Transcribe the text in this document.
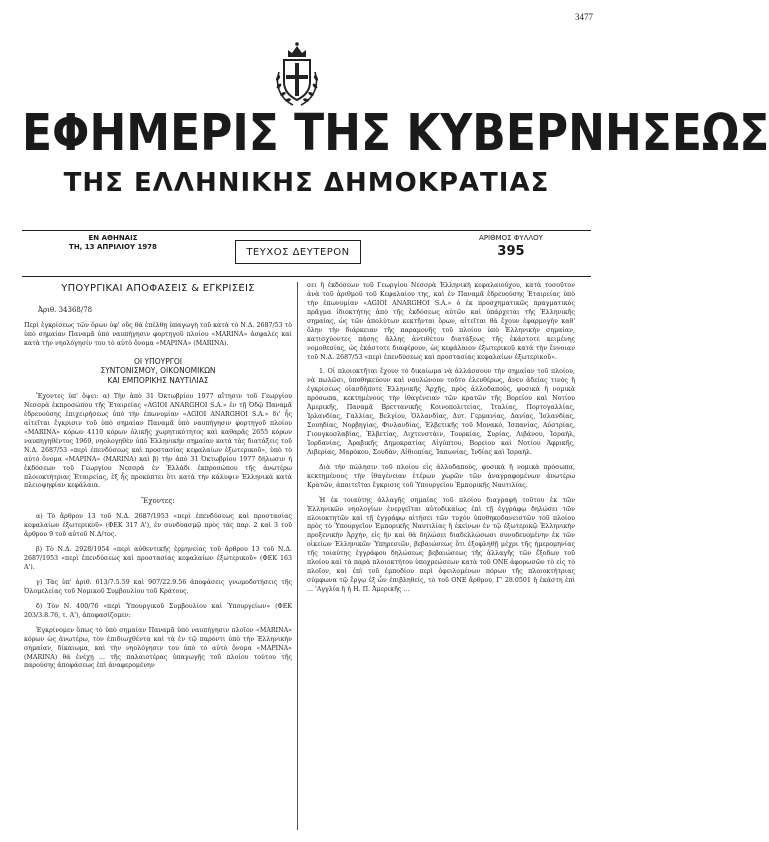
3477
ΕΦΗΜΕΡΙΣ ΤΗΣ ΚΥΒΕΡΝΗΣΕΩΣ
ΤΗΣ ΕΛΛΗΝΙΚΗΣ ΔΗΜΟΚΡΑΤΙΑΣ
ΕΝ ΑΘΗΝΑΙΣ
ΤΗ, 13 ΑΠΡΙΛΙΟΥ 1978	ΤΕΥΧΟΣ ΔΕΥΤΕΡΟΝ
ΑΡΙΘΜΟΣ ΦΥΛΛΟΥ
395
ΥΠΟΥΡΓΙΚΑΙ ΑΠΟΦΑΣΕΙΣ & ΕΓΚΡΙΣΕΙΣ
Ἀριθ. 34368/78
Περὶ ἐγκρίσεως τῶν ὅρων ὑφ' οὓς θὰ ἐπέλθῃ ὑπαγωγὴ τοῦ κατὰ τὸ Ν.Δ. 2687/53 τὸ ὑπὸ σημαίαν Παναμᾶ ὑπὸ ναυπήγησιν φορτηγοῦ πλοίου «MARINA» ἀσφαλὲς καὶ κατὰ τὴν νηολόγησίν του τὸ αὐτὸ ὄνομα «ΜΑΡΙΝΑ» (MARINA).
ΟΙ ΥΠΟΥΡΓΟΙ
ΣΥΝΤΟΝΙΣΜΟΥ, ΟΙΚΟΝΟΜΙΚΩΝ
ΚΑΙ ΕΜΠΟΡΙΚΗΣ ΝΑΥΤΙΛΙΑΣ
Ἔχοντες ὑπ' ὄψει: α) Τὴν ἀπὸ 31 Ὀκτωβρίου 1977 αἴτησιν τοῦ Γεωργίου Νεσσρὰ ἐκπροσώπου τῆς Ἑταιρείας «AGIOI ANARGHOI S.A.» ἐν τῇ Ὀδῷ Παναμᾶ ἐδρευούσης ἐπιχειρήσεως ὑπὸ τὴν ἐπωνυμίαν «AGIOI ANARGHOI S.A.» δι' ἧς αἰτεῖται ἔγκρισιν τοῦ ὑπὸ σημαίαν Παναμᾶ ὑπὸ ναυπήγησιν φορτηγοῦ πλοίου «MARINA» κόρων 4110 κόρων ὀλικῆς χωρητικότητος καὶ καθαρᾶς 2655 κόρων ναυπηγηθέντος 1969, νηολογηθὲν ὑπὸ Ἑλληνικὴν σημαίαν κατὰ τὰς διατάξεις τοῦ Ν.Δ. 2687/53 «περὶ ἐπενδύσεως καὶ προστασίας κεφαλαίων ἐξωτερικοῦ», ὑπὸ τὸ αὐτὸ ὄνομα «ΜΑΡΙΝΑ» (MARINA) καὶ β) τὴν ἀπὸ 31 Ὀκτωβρίου 1977 δήλωσιν ἡ ἐκδόσεων τοῦ Γεωργίου Νεσσρὰ ἐν Ἑλλάδι ἐκπροσώπου τῆς ἀνωτέρω πλοιοκτήτριας Ἑταιρείας, ἐξ ἧς προκύπτει ὅτι κατὰ τὴν κάλυψιν Ἑλληνικὰ κατὰ πλειοψηφίαν κεφάλαια.
Ἔχοντες:
α) Τὸ ἄρθρον 13 τοῦ Ν.Δ. 2687/1953 «περὶ ἐπενδύσεως καὶ προστασίας κεφαλαίων ἐξωτερικοῦ» (ΦΕΚ 317 Α'), ἐν συνδυασμῷ πρὸς τὰς παρ. 2 καὶ 3 τοῦ ἄρθρου 9 τοῦ αὐτοῦ Ν.Δ/τος.
β) Τὸ Ν.Δ. 2928/1954 «περὶ αὐθεντικῆς ἑρμηνείας τοῦ ἄρθρου 13 τοῦ Ν.Δ. 2687/1953 «περὶ ἐπενδύσεως καὶ προστασίας κεφαλαίων ἐξωτερικοῦ» (ΦΕΚ 163 Α').
γ) Τὰς ὑπ' ἀριθ. 613/7.5.59 καὶ 907/22.9.56 ἀποφάσεις γνωμοδοτήσεις τῆς Ὁλομελείας τοῦ Νομικοῦ Συμβουλίου τοῦ Κράτους.
δ) Τὸν Ν. 400/76 «περὶ Ὑπουργικοῦ Συμβουλίου καὶ Ὑπουργείων» (ΦΕΚ 203/3.8.76, τ. Α'), ἀποφασίζομεν:
Ἐγκρίνομεν ὅπως τὸ ὑπὸ σημαίαν Παναμᾶ ὑπὸ ναυπήγησιν πλοῖον «MARINA» κόρων ὡς ἀνωτέρω, τὸν ἐπιδιωχθέντα καὶ τὰ ἐν τῷ παρόντι ὑπὸ τὴν Ἑλληνικὴν σημαίαν, δίκαιωμα, καὶ τὴν νηολόγησιν του ὑπὸ τὸ αὐτὸ ὄνομα «ΜΑΡΙΝΑ» (MARINA) θὰ ἐνέχῃ ... τῆς παλαιοτέρας ὑπαγωγῆς τοῦ πλοίου τούτου τῆς παρούσης ἀποφάσεως ἐπὶ ἀναφερομένην
σει ἢ ἐκδόσεων τοῦ Γεωργίου Νεσσρὰ Ἑλληνικὴ κεφαλαιούχου, κατὰ τοσοῦτον ἀνὰ τοῦ ἀριθμοῦ τοῦ Κεφαλαίου της, καὶ ἐν Παναμᾶ ἑδρευούσης Ἑταιρείας ὑπὸ τὴν ἐπωνυμίαν «AGIOI ANARGHOI S.A.» ὁ ἐκ προσχηματικῶς πραγματικὸς πρᾶγμα ἰδιοκτήτης ἀπὸ τῆς ἐκδόσεως αὐτῶν καὶ ὑπάρχεται τῆς Ἑλληνικῆς σημαίας, ὡς τῶν ἀπολύτων κεκτῆνται ὅρων, αἰτεῖται θὰ ἔχουν ἐφαρμογὴν καθ' ὅλην τὴν διάρκειαν τῆς παραμονῆς τοῦ πλοίου ὑπὸ Ἑλληνικὴν σημαίαν, κατισχύοντες πάσης ἄλλης ἀντιθέτου διατάξεως τῆς ἐκάστοτε κειμένης νομοθεσίας, ὡς ἐκάστοτε διαφέρουν, ὡς κεφάλαιον ἐξωτερικοῦ κατὰ τὴν ἔννοιαν τοῦ Ν.Δ. 2687/53 «περὶ ἐπενδύσεως καὶ προστασίας κεφαλαίων ἐξωτερικοῦ».
1. Οἱ πλοιοκτῆται ἔχουν τὸ δικαίωμα νὰ ἀλλάσσουν τὴν σημαίαν τοῦ πλοίου, νὰ πωλῶσι, ὑποθηκεύουν καὶ ναυλώνουν τοῦτο ἐλευθέρως, ἄνευ ἀδείας τινὸς ἢ ἐγκρίσεως οἱασδήποτε Ἑλληνικῆς Ἀρχῆς, πρὸς ἀλλοδαποὺς, φυσικὰ ἢ νομικὰ πρόσωπα, κεκτημένους τὴν ἰθαγένειαν τῶν κρατῶν τῆς Βορείου καὶ Νοτίου Ἀμερικῆς, Παναμᾶ Βρεττανικῆς Κοινοπολιτείας, Ἰταλίας, Πορτογαλλίας, Ἰρλανδίας, Γαλλίας, Βελγίου, Ὁλλανδίας, Δυτ. Γερμανίας, Δανίας, Ἰσλανδίας, Σουηδίας, Νορβηγίας, Φινλανδίας, Ἐλβετικῆς τοῦ Μονακό, Ἰσπανίας, Αὐστρίας, Γιουγκοσλαβίας, Ἑλβετίας, Λιχτενστάιν, Τουρκίας, Συρίας, Λιβάνου, Ἰσραήλ, Ἰορδανίας, Ἀραβικῆς Δημοκρατίας Αἰγύπτου, Βορείου καὶ Νοτίου Ἀφρικῆς, Λιβερίας, Μαρόκου, Σουδὰν, Αἰθιοπίας, Ἰαπωνίας, Ἰνδίας καὶ Ἰσραήλ.
Διὰ τὴν πώλησιν τοῦ πλοίου εἰς ἀλλοδαπούς, φυσικὰ ἢ νομικὰ πρόσωπα, κεκτημένους τὴν ἰθαγένειαν ἑτέρων χωρῶν τῶν ἀναγραφομένων ἀνωτέρω Κρατῶν, ἀπαιτεῖται ἔγκρισις τοῦ Ὑπουργείου Ἐμπορικῆς Ναυτιλίας.
Ἡ ἐκ τοιαύτης ἀλλαγῆς σημαίας τοῦ πλοίου διαγραφὴ τοῦτου ἐκ τῶν Ἑλληνικῶν νηολογίων ἐνεργεῖται αὐτοδικαίως ἐπὶ τῇ ἐγγράφῳ δηλώσει τῶν πλοιοκτητῶν καὶ τῇ ἐγγράφῳ αἰτήσει τῶν τυχὸν ὑποθηκοδανειστῶν τοῦ πλοίου πρὸς τὸ Ὑπουργεῖον Ἐμπορικῆς Ναυτιλίας ἢ ἐκείνων ἐν τῷ ἐξωτερικῷ Ἑλληνικὴν προξενικὴν Ἀρχὴν, εἰς ἣν καὶ θὰ δηλώσει διαδελλώσωσι συνοδευομένην ἐκ τῶν οἰκείων Ἑλληνικῶν Ὑπηρεσιῶν, βεβαιώσεως ὅτι ἐξοφληθῇ μέχρι τῆς ἡμερομηνίας τῆς τοιαύτης ἐγγράφου δηλώσεως βεβαιώσεως τῆς ἀλλαγῆς τῶν ἔξοδων τοῦ πλοίου καὶ τὰ παρὰ πλοιοκτήτου ὑποχρεώσεων κατὰ τοῦ ΟΝΕ ἀφορωσῶν τὸ εἰς τὸ πλοῖον, καὶ ἐπὶ τοῦ ἐμποδίου περὶ ὀφειλομένων πόρων τῆς πλοιοκτήτριας σύμφωνα τῷ ἔργῳ ἐξ ὧν ἐπιβληθείς, τὸ τοῦ ΟΝΕ ἄρθρου, Γ' 28.0501 ἢ ἑκάστη ἐπὶ ... 'Αγγλία ἢ ἡ Η. Π. Ἀμερικῆς ...
